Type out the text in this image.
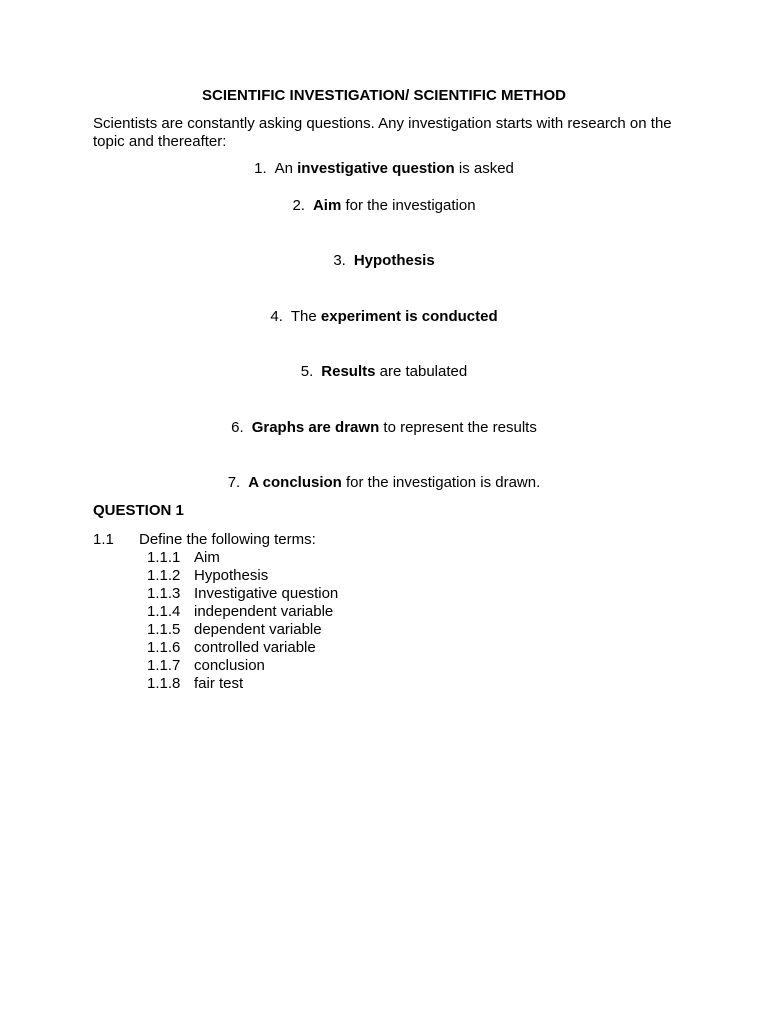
SCIENTIFIC INVESTIGATION/ SCIENTIFIC METHOD
Scientists are constantly asking questions. Any investigation starts with research on the topic and thereafter:
1. An investigative question is asked
2. Aim for the investigation
3. Hypothesis
4. The experiment is conducted
5. Results are tabulated
6. Graphs are drawn to represent the results
7. A conclusion for the investigation is drawn.
QUESTION 1
1.1 Define the following terms:
1.1.1 Aim
1.1.2 Hypothesis
1.1.3 Investigative question
1.1.4 independent variable
1.1.5 dependent variable
1.1.6 controlled variable
1.1.7 conclusion
1.1.8 fair test
